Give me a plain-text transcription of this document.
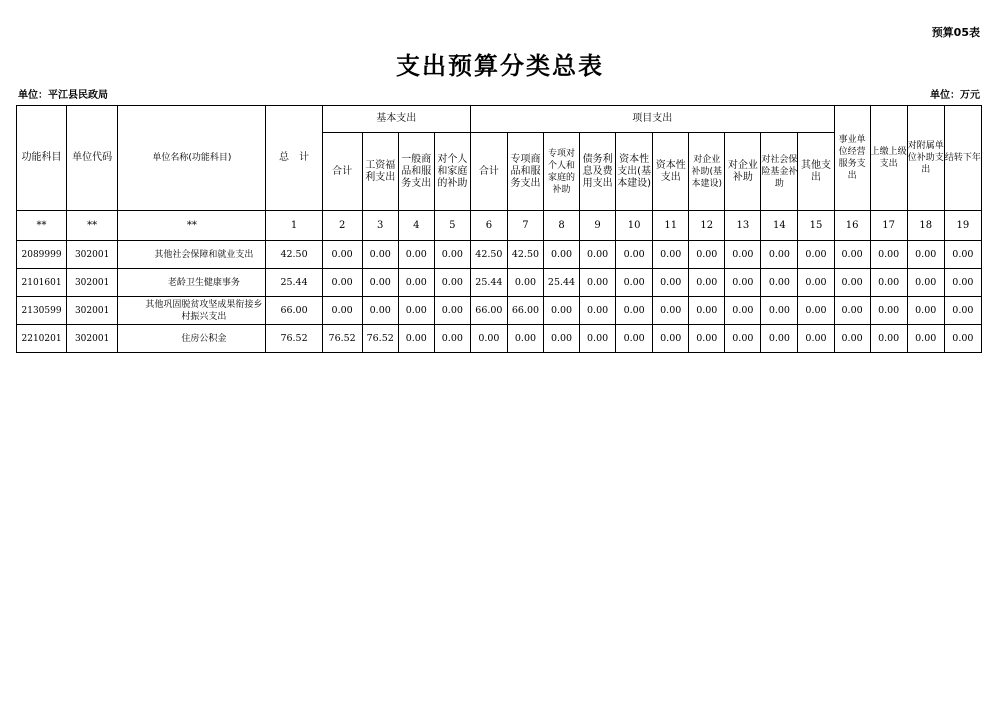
预算05表
支出预算分类总表
单位：平江县民政局	单位：万元
功能科目	单位代码	单位名称(功能科目)	总　计	基本支出				项目支出										事业单位经营服务支出	上缴上级支出	对附属单位补助支出	结转下年
				合计	工资福利支出	一般商品和服务支出	对个人和家庭的补助	合计	专项商品和服务支出	专项对个人和家庭的补助	债务利息及费用支出	资本性支出(基本建设)	资本性支出	对企业补助(基本建设)	对企业补助	对社会保险基金补助	其他支出				
**	**	**	1	2	3	4	5	6	7	8	9	10	11	12	13	14	15	16	17	18	19
2089999	302001	其他社会保障和就业支出	42.50	0.00	0.00	0.00	0.00	42.50	42.50	0.00	0.00	0.00	0.00	0.00	0.00	0.00	0.00	0.00	0.00	0.00	0.00
2101601	302001	老龄卫生健康事务	25.44	0.00	0.00	0.00	0.00	25.44	0.00	25.44	0.00	0.00	0.00	0.00	0.00	0.00	0.00	0.00	0.00	0.00	0.00
2130599	302001	其他巩固脱贫攻坚成果衔接乡村振兴支出	66.00	0.00	0.00	0.00	0.00	66.00	66.00	0.00	0.00	0.00	0.00	0.00	0.00	0.00	0.00	0.00	0.00	0.00	0.00
2210201	302001	住房公积金	76.52	76.52	76.52	0.00	0.00	0.00	0.00	0.00	0.00	0.00	0.00	0.00	0.00	0.00	0.00	0.00	0.00	0.00	0.00
